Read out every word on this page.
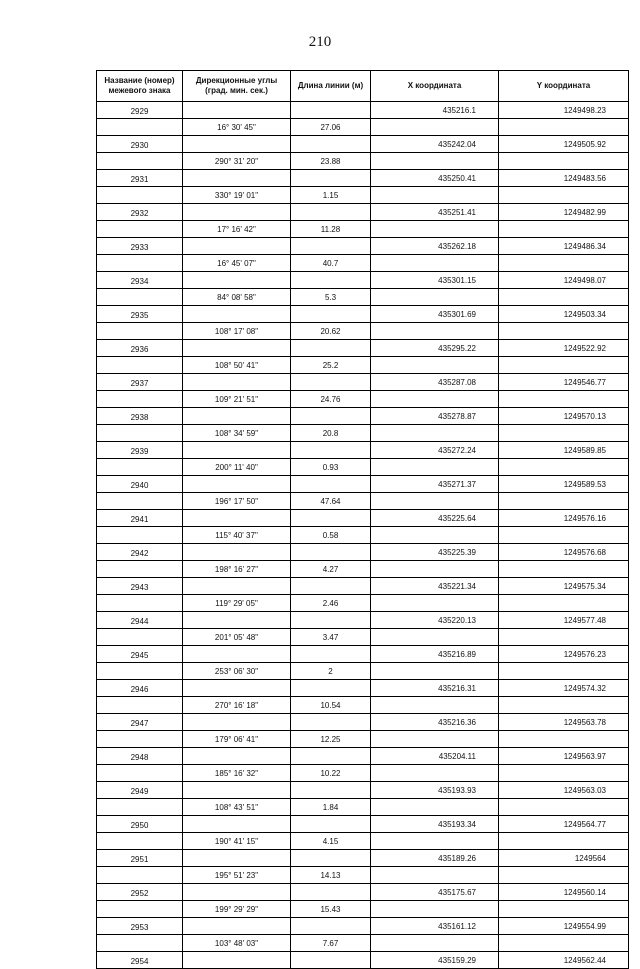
210
Название (номер) межевого знака	Дирекционные углы (град. мин. сек.)	Длина линии (м)	X координата	Y координата
2929			435216.1	1249498.23
	16° 30' 45"	27.06		
2930			435242.04	1249505.92
	290° 31' 20"	23.88		
2931			435250.41	1249483.56
	330° 19' 01"	1.15		
2932			435251.41	1249482.99
	17° 16' 42"	11.28		
2933			435262.18	1249486.34
	16° 45' 07"	40.7		
2934			435301.15	1249498.07
	84° 08' 58"	5.3		
2935			435301.69	1249503.34
	108° 17' 08"	20.62		
2936			435295.22	1249522.92
	108° 50' 41"	25.2		
2937			435287.08	1249546.77
	109° 21' 51"	24.76		
2938			435278.87	1249570.13
	108° 34' 59"	20.8		
2939			435272.24	1249589.85
	200° 11' 40"	0.93		
2940			435271.37	1249589.53
	196° 17' 50"	47.64		
2941			435225.64	1249576.16
	115° 40' 37"	0.58		
2942			435225.39	1249576.68
	198° 16' 27"	4.27		
2943			435221.34	1249575.34
	119° 29' 05"	2.46		
2944			435220.13	1249577.48
	201° 05' 48"	3.47		
2945			435216.89	1249576.23
	253° 06' 30"	2		
2946			435216.31	1249574.32
	270° 16' 18"	10.54		
2947			435216.36	1249563.78
	179° 06' 41"	12.25		
2948			435204.11	1249563.97
	185° 16' 32"	10.22		
2949			435193.93	1249563.03
	108° 43' 51"	1.84		
2950			435193.34	1249564.77
	190° 41' 15"	4.15		
2951			435189.26	1249564
	195° 51' 23"	14.13		
2952			435175.67	1249560.14
	199° 29' 29"	15.43		
2953			435161.12	1249554.99
	103° 48' 03"	7.67		
2954			435159.29	1249562.44
